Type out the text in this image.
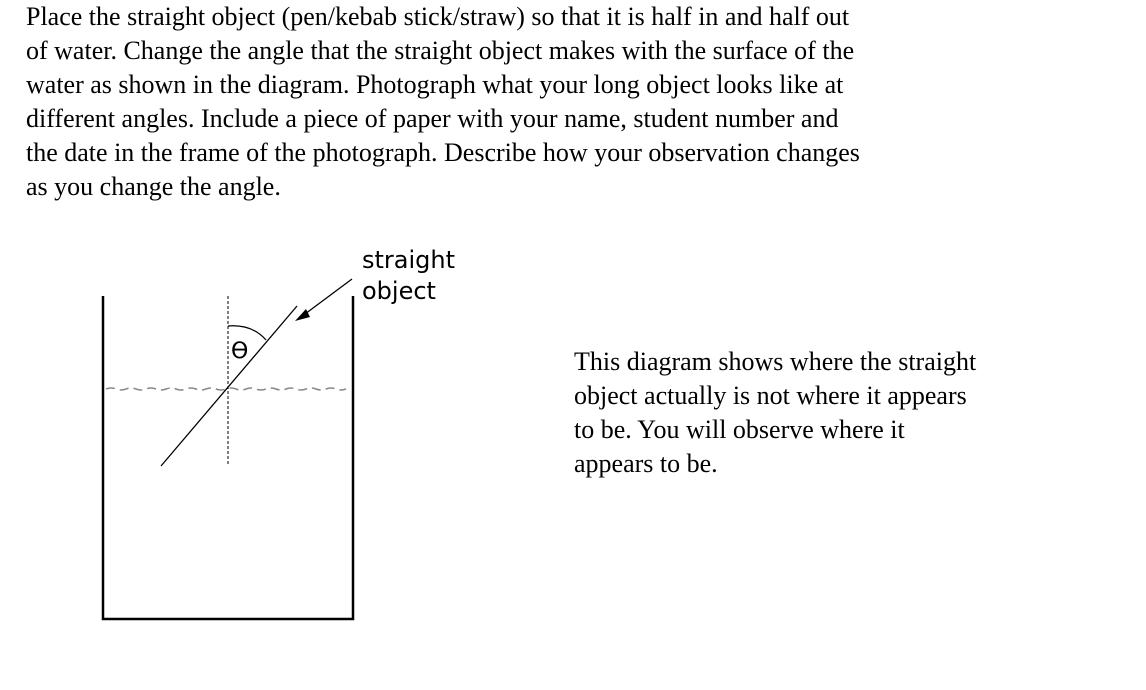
Place the straight object (pen/kebab stick/straw) so that it is half in and half out
of water. Change the angle that the straight object makes with the surface of the
water as shown in the diagram. Photograph what your long object looks like at
different angles. Include a piece of paper with your name, student number and
the date in the frame of the photograph. Describe how your observation changes
as you change the angle.
ϴ
straight
object
This diagram shows where the straight
object actually is not where it appears
to be. You will observe where it
appears to be.
